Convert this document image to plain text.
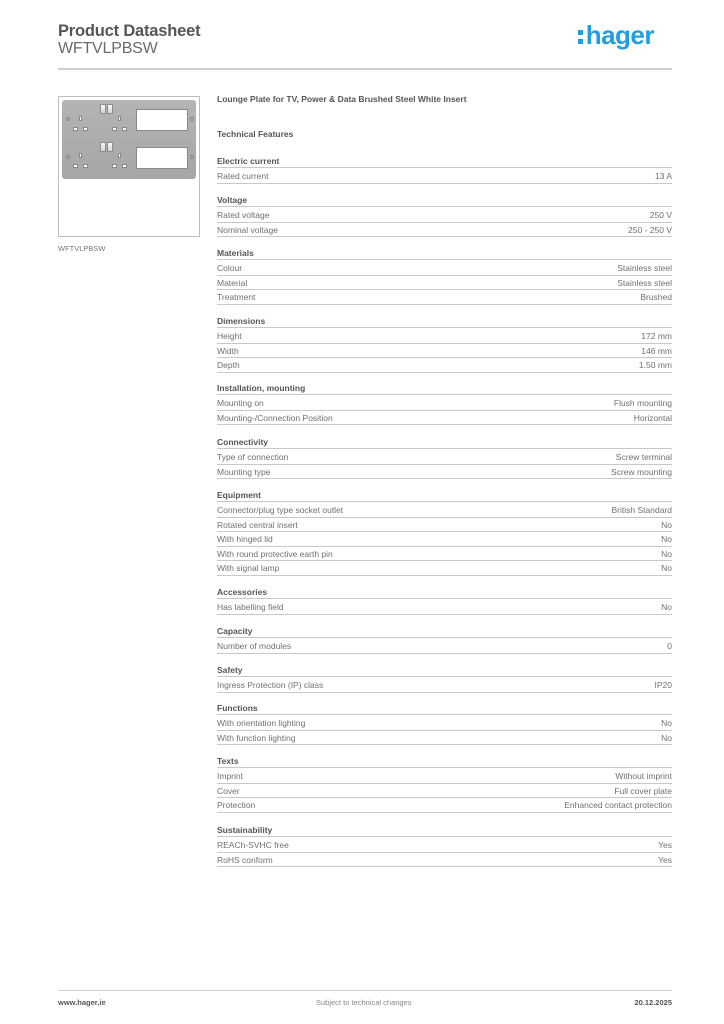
Product Datasheet
WFTVLPBSW	hager
WFTVLPBSW
Lounge Plate for TV, Power & Data Brushed Steel White Insert
Technical Features
Electric current
Rated current	13 A
Voltage
Rated voltage	250 V
Nominal voltage	250 - 250 V
Materials
Colour	Stainless steel
Material	Stainless steel
Treatment	Brushed
Dimensions
Height	172 mm
Width	146 mm
Depth	1.50 mm
Installation, mounting
Mounting on	Flush mounting
Mounting-/Connection Position	Horizontal
Connectivity
Type of connection	Screw terminal
Mounting type	Screw mounting
Equipment
Connector/plug type socket outlet	British Standard
Rotated central insert	No
With hinged lid	No
With round protective earth pin	No
With signal lamp	No
Accessories
Has labelling field	No
Capacity
Number of modules	0
Safety
Ingress Protection (IP) class	IP20
Functions
With orientation lighting	No
With function lighting	No
Texts
Imprint	Without imprint
Cover	Full cover plate
Protection	Enhanced contact protection
Sustainability
REACh-SVHC free	Yes
RoHS conform	Yes
www.hager.ie	Subject to technical changes	20.12.2025
